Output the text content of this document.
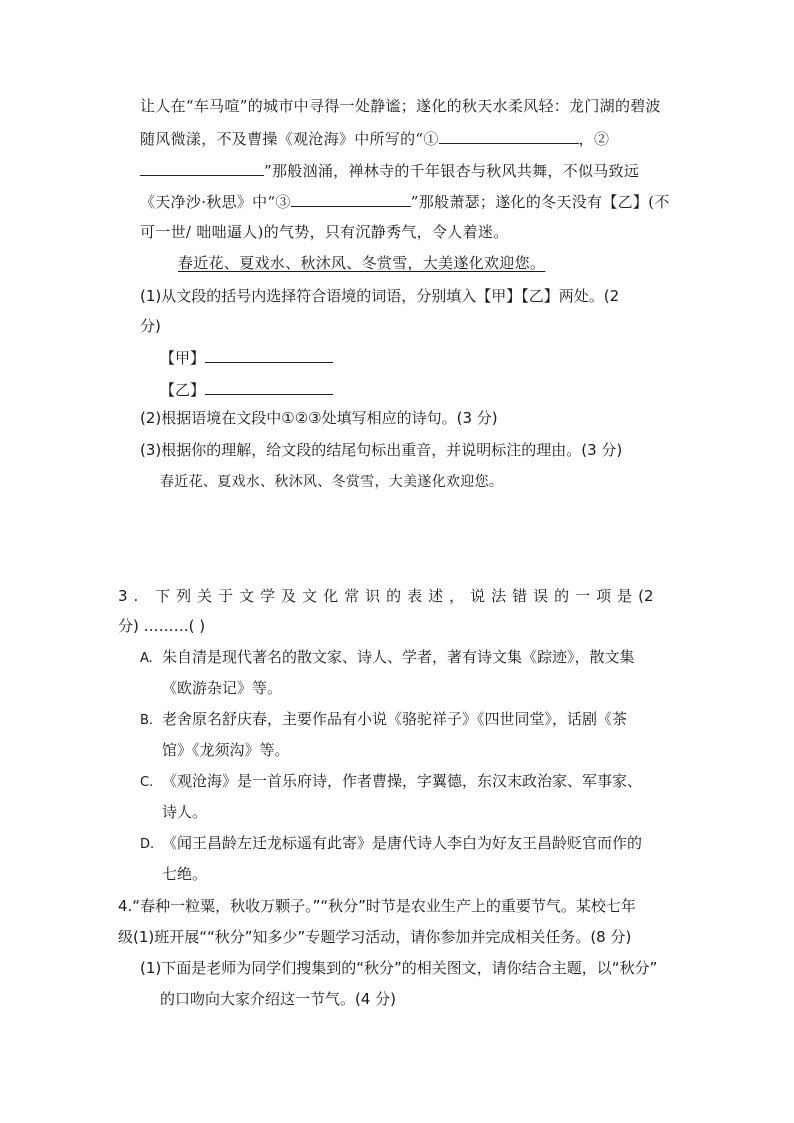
让人在“车马喧”的城市中寻得一处静谧；遂化的秋天水柔风轻：龙门湖的碧波
随风微漾，不及曹操《观沧海》中所写的“①	，②
”那般汹涌，禅林寺的千年银杏与秋风共舞，不似马致远
《天净沙·秋思》中“③	”那般萧瑟；遂化的冬天没有【乙】(不
可一世/ 咄咄逼人)的气势，只有沉静秀气，令人着迷。
春近花、夏戏水、秋沐风、冬赏雪，大美遂化欢迎您。
(1)从文段的括号内选择符合语境的词语，分别填入【甲】【乙】两处。(2
分)
【甲】
【乙】
(2)根据语境在文段中①②③处填写相应的诗句。(3 分)
(3)根据你的理解，给文段的结尾句标出重音，并说明标注的理由。(3 分)
春近花、夏戏水、秋沐风、冬赏雪，大美遂化欢迎您。
3. 下列关于文学及文化常识的表述，说法错误的一项是(2
分) ………( )
A. 朱自清是现代著名的散文家、诗人、学者，著有诗文集《踪迹》，散文集
《欧游杂记》等。
B. 老舍原名舒庆春，主要作品有小说《骆驼祥子》《四世同堂》，话剧《茶
馆》《龙须沟》等。
C. 《观沧海》是一首乐府诗，作者曹操，字翼德，东汉末政治家、军事家、
诗人。
D. 《闻王昌龄左迁龙标遥有此寄》是唐代诗人李白为好友王昌龄贬官而作的
七绝。
4.“春种一粒粟，秋收万颗子。”“秋分”时节是农业生产上的重要节气。某校七年
级(1)班开展““秋分”知多少”专题学习活动，请你参加并完成相关任务。(8 分)
(1)下面是老师为同学们搜集到的“秋分”的相关图文，请你结合主题，以“秋分”
的口吻向大家介绍这一节气。(4 分)
